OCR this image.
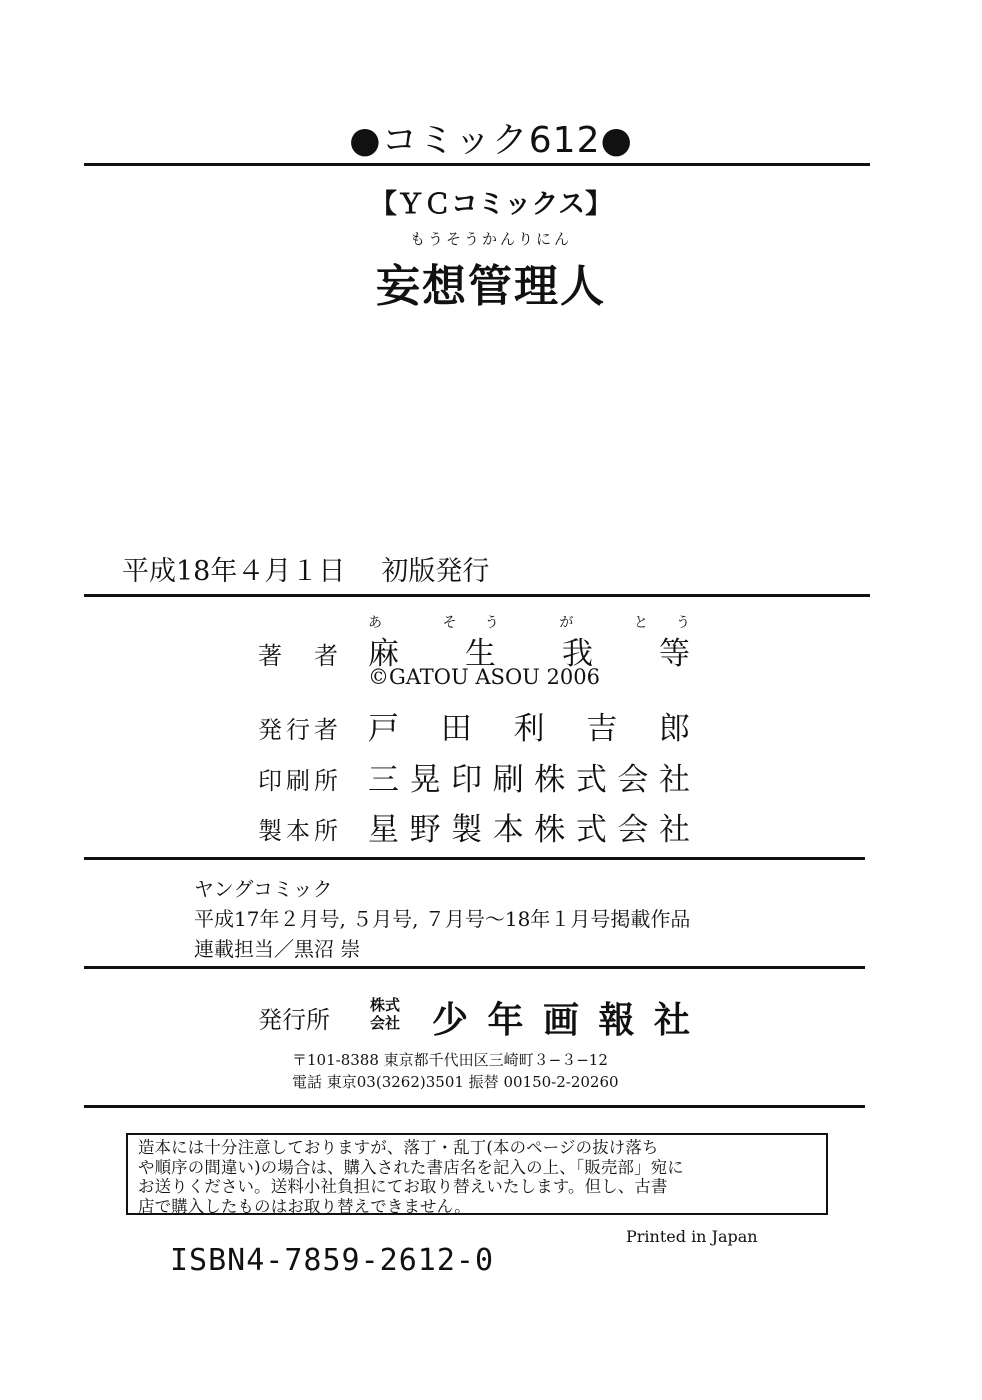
●コミック612●
【ＹＣコミックス】
もうそうかんりにん
妄想管理人
平成18年４月１日 初版発行
あ そう が とう
著者 麻生我等
©GATOU ASOU 2006
発行者 戸田利吉郎
印刷所 三晃印刷株式会社
製本所 星野製本株式会社
ヤングコミック
平成17年２月号, ５月号, ７月号〜18年１月号掲載作品
連載担当／黒沼 崇
発行所
株式
会社 少年画報社
〒101-8388 東京都千代田区三崎町３−３−12
電話 東京03(3262)3501 振替 00150-2-20260
造本には十分注意しておりますが、落丁・乱丁(本のページの抜け落ち
や順序の間違い)の場合は、購入された書店名を記入の上、「販売部」宛に
お送りください。送料小社負担にてお取り替えいたします。但し、古書
店で購入したものはお取り替えできません。
Printed in Japan
ISBN4-7859-2612-0
